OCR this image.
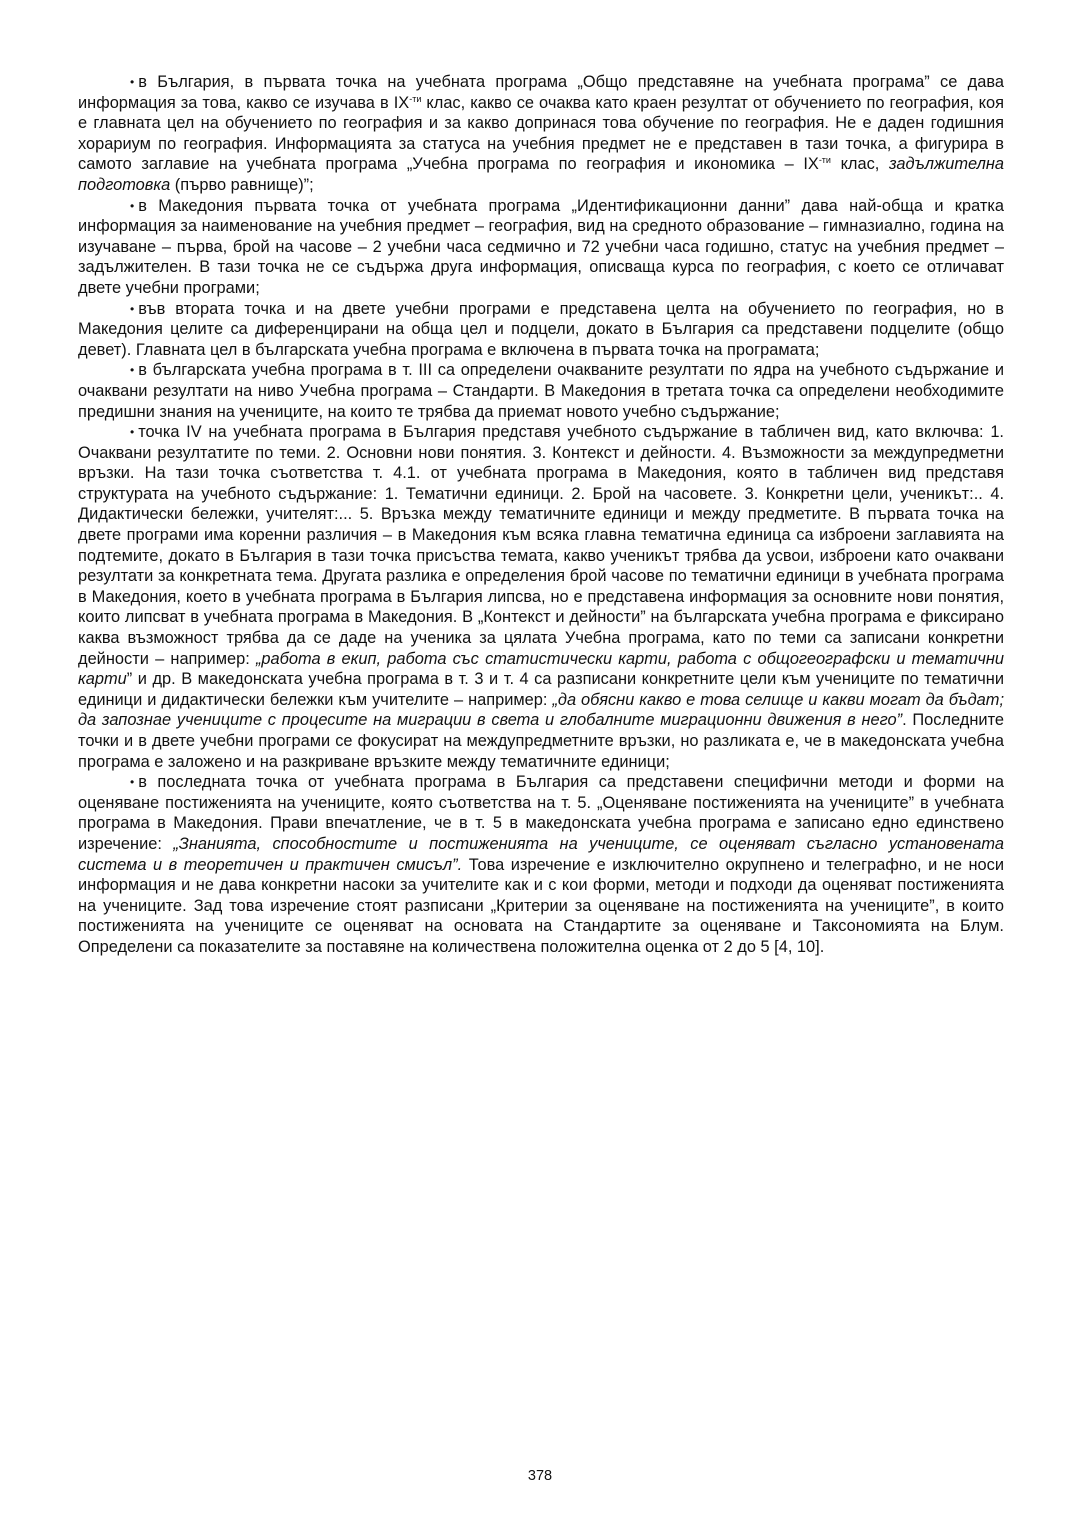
• в България, в първата точка на учебната програма „Общо представяне на учебната програма” се дава информация за това, какво се изучава в $IX^{-ти}$ клас, какво се очаква като краен резултат от обучението по география, коя е главната цел на обучението по география и за какво допринася това обучение по география. Не е даден годишния хорариум по география. Информацията за статуса на учебния предмет не е представен в тази точка, а фигурира в самото заглавие на учебната програма „Учебна програма по география и икономика – $IX^{-ти}$ клас, задължителна подготовка (първо равнище)”;

• в Македония първата точка от учебната програма „Идентификационни данни” дава най-обща и кратка информация за наименование на учебния предмет – география, вид на средното образование – гимназиално, година на изучаване – първа, брой на часове – 2 учебни часа седмично и 72 учебни часа годишно, статус на учебния предмет – задължителен. В тази точка не се съдържа друга информация, описваща курса по география, с което се отличават двете учебни програми;

• във втората точка и на двете учебни програми е представена целта на обучението по география, но в Македония целите са диференцирани на обща цел и подцели, докато в България са представени подцелите (общо девет). Главната цел в българската учебна програма е включена в първата точка на програмата;

• в българската учебна програма в т. III са определени очакваните резултати по ядра на учебното съдържание и очаквани резултати на ниво Учебна програма – Стандарти. В Македония в третата точка са определени необходимите предишни знания на учениците, на които те трябва да приемат новото учебно съдържание;

• точка IV на учебната програма в България представя учебното съдържание в табличен вид, като включва: 1. Очаквани резултатите по теми. 2. Основни нови понятия. 3. Контекст и дейности. 4. Възможности за междупредметни връзки. На тази точка съответства т. 4.1. от учебната програма в Македония, която в табличен вид представя структурата на учебното съдържание: 1. Тематични единици. 2. Брой на часовете. 3. Конкретни цели, ученикът:.. 4. Дидактически бележки, учителят:... 5. Връзка между тематичните единици и между предметите. В първата точка на двете програми има коренни различия – в Македония към всяка главна тематична единица са изброени заглавията на подтемите, докато в България в тази точка присъства темата, какво ученикът трябва да усвои, изброени като очаквани резултати за конкретната тема. Другата разлика е определения брой часове по тематични единици в учебната програма в Македония, което в учебната програма в България липсва, но е представена информация за основните нови понятия, които липсват в учебната програма в Македония. В „Контекст и дейности” на българската учебна програма е фиксирано каква възможност трябва да се даде на ученика за цялата Учебна програма, като по теми са записани конкретни дейности – например: „работа в екип, работа със статистически карти, работа с общогеографски и тематични карти” и др. В македонската учебна програма в т. 3 и т. 4 са разписани конкретните цели към учениците по тематични единици и дидактически бележки към учителите – например: „да обясни какво е това селище и какви могат да бъдат; да запознае учениците с процесите на миграции в света и глобалните миграционни движения в него”. Последните точки и в двете учебни програми се фокусират на междупредметните връзки, но разликата е, че в македонската учебна програма е заложено и на разкриване връзките между тематичните единици;

• в последната точка от учебната програма в България са представени специфични методи и форми на оценяване постиженията на учениците, която съответства на т. 5. „Оценяване постиженията на учениците” в учебната програма в Македония. Прави впечатление, че в т. 5 в македонската учебна програма е записано едно единствено изречение: „Знанията, способностите и постиженията на учениците, се оценяват съгласно установената система и в теоретичен и практичен смисъл”. Това изречение е изключително окрупнено и телеграфно, и не носи информация и не дава конкретни насоки за учителите как и с кои форми, методи и подходи да оценяват постиженията на учениците. Зад това изречение стоят разписани „Критерии за оценяване на постиженията на учениците”, в които постиженията на учениците се оценяват на основата на Стандартите за оценяване и Таксономията на Блум. Определени са показателите за поставяне на количествена положителна оценка от 2 до 5 [4, 10].

378
